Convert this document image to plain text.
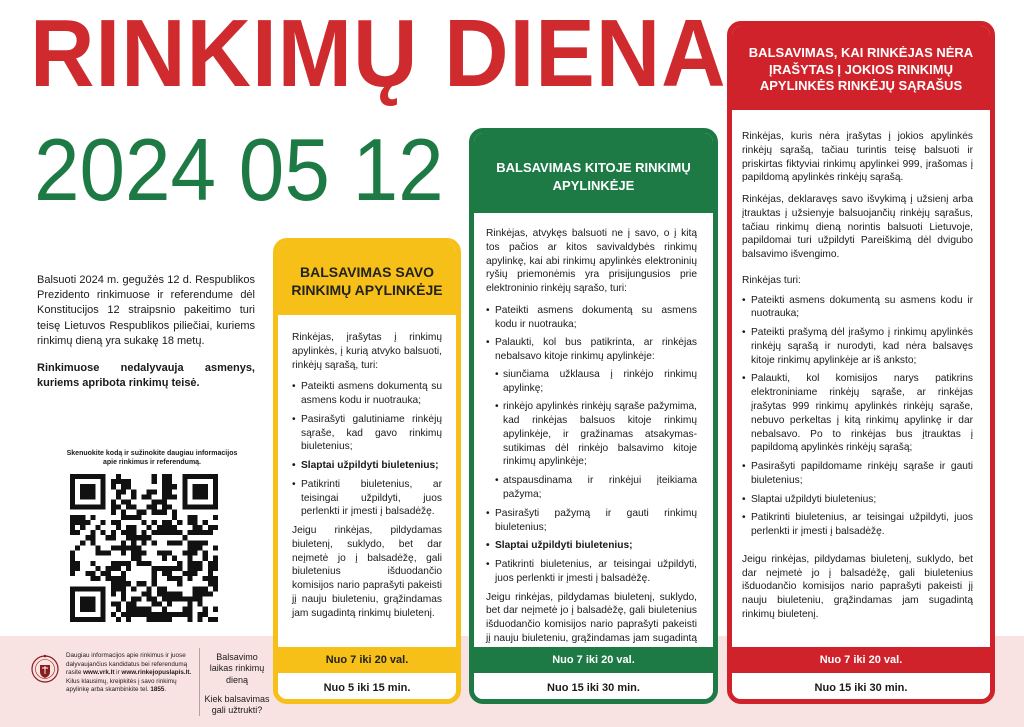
RINKIMŲ DIENA
2024 05 12

Balsuoti 2024 m. gegužės 12 d. Respublikos Prezidento rinkimuose ir referendume dėl Konstitucijos 12 straipsnio pakeitimo turi teisę Lietuvos Respublikos piliečiai, kuriems rinkimų dieną yra sukakę 18 metų.

Rinkimuose nedalyvauja asmenys, kuriems apribota rinkimų teisė.

Skenuokite kodą ir sužinokite daugiau informacijos apie rinkimus ir referendumą.
Daugiau informacijos apie rinkimus ir juose dalyvaujančius kandidatus bei referendumą rasite www.vrk.lt ir www.rinkejopuslapis.lt.
Kilus klausimų, kreipkitės į savo rinkimų apylinkę arba skambinkite tel. 1855.
Balsavimo laikas rinkimų dieną
Kiek balsavimas gali užtrukti?
BALSAVIMAS SAVO RINKIMŲ APYLINKĖJE

Rinkėjas, įrašytas į rinkimų apylinkės, į kurią atvyko balsuoti, rinkėjų sąrašą, turi:

• Pateikti asmens dokumentą su asmens kodu ir nuotrauka;
• Pasirašyti galutiniame rinkėjų sąraše, kad gavo rinkimų biuletenius;
• Slaptai užpildyti biuletenius;
• Patikrinti biuletenius, ar teisingai užpildyti, juos perlenkti ir įmesti į balsadėžę.

Jeigu rinkėjas, pildydamas biuletenį, suklydo, bet dar neįmetė jo į balsadėžę, gali biuletenius išduodančio komisijos nario paprašyti pakeisti jį nauju biuleteniu, grąžindamas jam sugadintą rinkimų biuletenį.

Nuo 7 iki 20 val.
Nuo 5 iki 15 min.
BALSAVIMAS KITOJE RINKIMŲ APYLINKĖJE

Rinkėjas, atvykęs balsuoti ne į savo, o į kitą tos pačios ar kitos savivaldybės rinkimų apylinkę, kai abi rinkimų apylinkės elektroninių ryšių priemonėmis yra prisijungusios prie elektroninio rinkėjų sąrašo, turi:

• Pateikti asmens dokumentą su asmens kodu ir nuotrauka;
• Palaukti, kol bus patikrinta, ar rinkėjas nebalsavo kitoje rinkimų apylinkėje:
• siunčiama užklausa į rinkėjo rinkimų apylinkę;
• rinkėjo apylinkės rinkėjų sąraše pažymima, kad rinkėjas balsuos kitoje rinkimų apylinkėje, ir gražinamas atsakymas-sutikimas dėl rinkėjo balsavimo kitoje rinkimų apylinkėje;
• atspausdinama ir rinkėjui įteikiama pažyma;
• Pasirašyti pažymą ir gauti rinkimų biuletenius;
• Slaptai užpildyti biuletenius;
• Patikrinti biuletenius, ar teisingai užpildyti, juos perlenkti ir įmesti į balsadėžę.

Jeigu rinkėjas, pildydamas biuletenį, suklydo, bet dar neįmetė jo į balsadėžę, gali biuletenius išduodančio komisijos nario paprašyti pakeisti jį nauju biuleteniu, grąžindamas jam sugadintą

Nuo 7 iki 20 val.
Nuo 15 iki 30 min.
BALSAVIMAS, KAI RINKĖJAS NĖRA ĮRAŠYTAS Į JOKIOS RINKIMŲ APYLINKĖS RINKĖJŲ SĄRAŠUS

Rinkėjas, kuris nėra įrašytas į jokios apylinkės rinkėjų sąrašą, tačiau turintis teisę balsuoti ir priskirtas fiktyviai rinkimų apylinkei 999, įrašomas į papildomą apylinkės rinkėjų sąrašą.

Rinkėjas, deklaravęs savo išvykimą į užsienį arba įtrauktas į užsienyje balsuojančių rinkėjų sąrašus, tačiau rinkimų dieną norintis balsuoti Lietuvoje, papildomai turi užpildyti Pareiškimą dėl dvigubo balsavimo išvengimo.

Rinkėjas turi:

• Pateikti asmens dokumentą su asmens kodu ir nuotrauka;
• Pateikti prašymą dėl įrašymo į rinkimų apylinkės rinkėjų sąrašą ir nurodyti, kad nėra balsavęs kitoje rinkimų apylinkėje ar iš anksto;
• Palaukti, kol komisijos narys patikrins elektroniniame rinkėjų sąraše, ar rinkėjas įrašytas 999 rinkimų apylinkės rinkėjų sąraše, nebuvo perkeltas į kitą rinkimų apylinkę ir dar nebalsavo. Po to rinkėjas bus įtrauktas į papildomą apylinkės rinkėjų sąrašą;
• Pasirašyti papildomame rinkėjų sąraše ir gauti biuletenius;
• Slaptai užpildyti biuletenius;
• Patikrinti biuletenius, ar teisingai užpildyti, juos perlenkti ir įmesti į balsadėžę.

Jeigu rinkėjas, pildydamas biuletenį, suklydo, bet dar neįmetė jo į balsadėžę, gali biuletenius išduodančio komisijos nario paprašyti pakeisti jį nauju biuleteniu, grąžindamas jam sugadintą rinkimų biuletenį.

Nuo 7 iki 20 val.
Nuo 15 iki 30 min.
